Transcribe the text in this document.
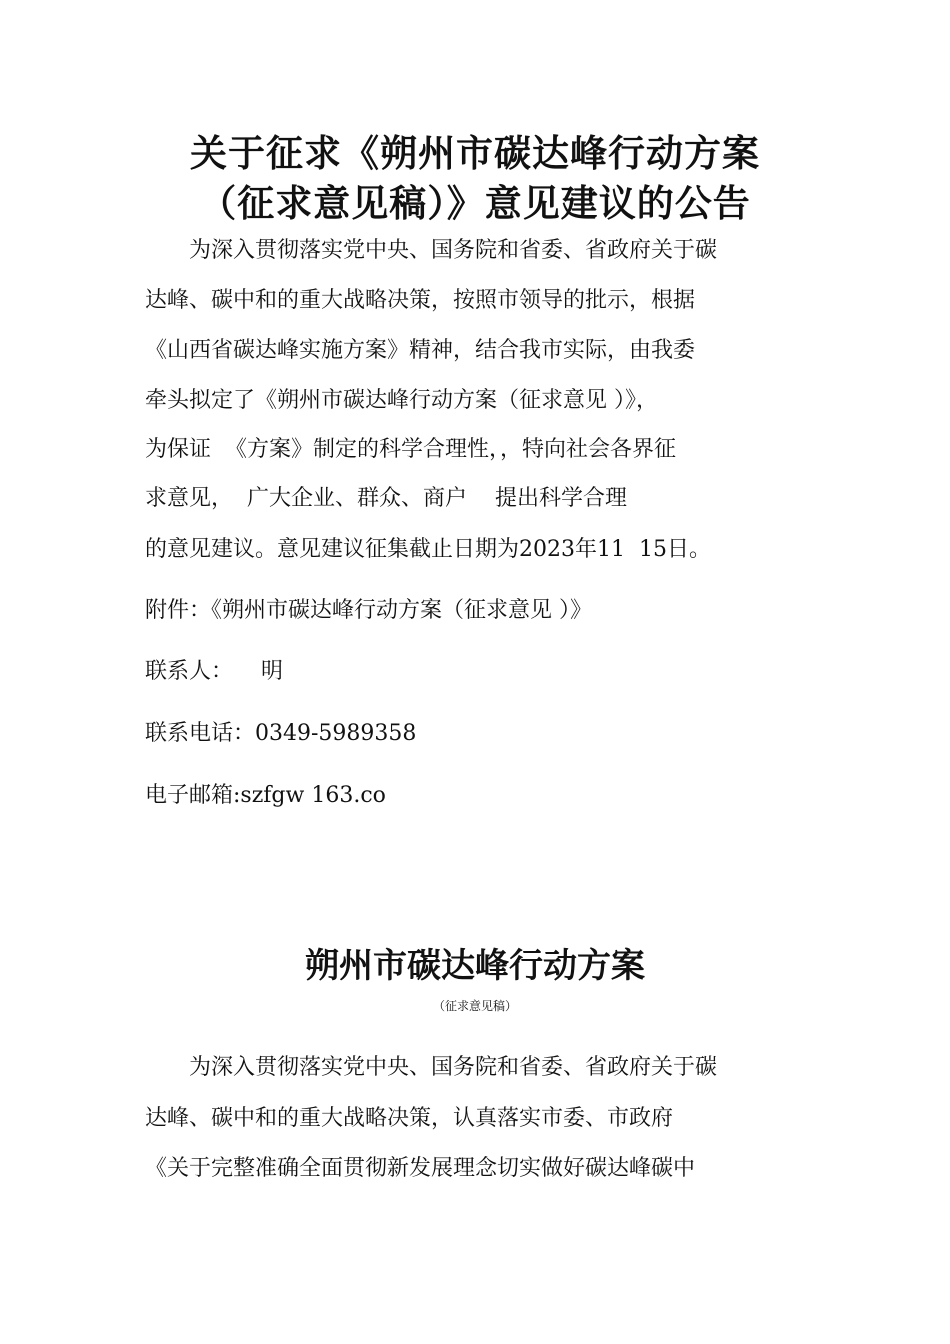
关于征求《朔州市碳达峰行动方案
（征求意见稿）》意见建议的公告
为深入贯彻落实党中央、国务院和省委、省政府关于碳
达峰、碳中和的重大战略决策，按照市领导的批示，根据
《山西省碳达峰实施方案》精神，结合我市实际，由我委
牵头拟定了《朔州市碳达峰行动方案（征求意见 ）》，
为保证  《方案》制定的科学合理性，，特向社会各界征
求意见，  广大企业、群众、商户    提出科学合理
的意见建议。意见建议征集截止日期为2023年11  15日。
附件：《朔州市碳达峰行动方案（征求意见 ）》
联系人：    明
联系电话：0349-5989358
电子邮箱:szfgw 163.co
朔州市碳达峰行动方案
（征求意见稿）
为深入贯彻落实党中央、国务院和省委、省政府关于碳
达峰、碳中和的重大战略决策，认真落实市委、市政府
《关于完整准确全面贯彻新发展理念切实做好碳达峰碳中
